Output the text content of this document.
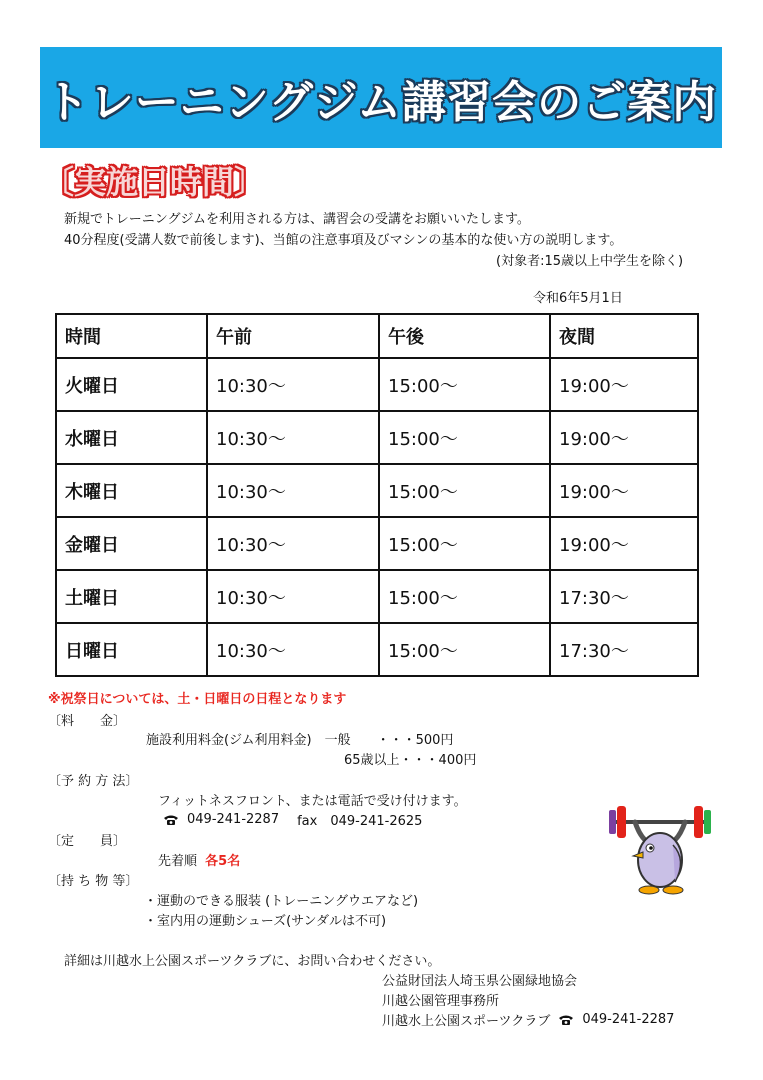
トレーニングジム講習会のご案内
〔実施日時間〕
新規でトレーニングジムを利用される方は、講習会の受講をお願いいたします。
40分程度(受講人数で前後します)、当館の注意事項及びマシンの基本的な使い方の説明します。
(対象者:15歳以上中学生を除く)
令和6年5月1日
時間	午前	午後	夜間
火曜日	10:30〜	15:00〜	19:00〜
水曜日	10:30〜	15:00〜	19:00〜
木曜日	10:30〜	15:00〜	19:00〜
金曜日	10:30〜	15:00〜	19:00〜
土曜日	10:30〜	15:00〜	17:30〜
日曜日	10:30〜	15:00〜	17:30〜
※祝祭日については、土・日曜日の日程となります
〔料　　金〕
施設利用料金(ジム利用料金)　一般　　・・・500円
65歳以上・・・400円
〔予 約 方 法〕
フィットネスフロント、または電話で受け付けます。
049-241-2287 fax　049-241-2625
〔定　　員〕
先着順 各5名
〔持 ち 物 等〕
・運動のできる服装 (トレーニングウエアなど)
・室内用の運動シューズ(サンダルは不可)
詳細は川越水上公園スポーツクラブに、お問い合わせください。
公益財団法人埼玉県公園緑地協会
川越公園管理事務所
川越水上公園スポーツクラブ 049-241-2287
